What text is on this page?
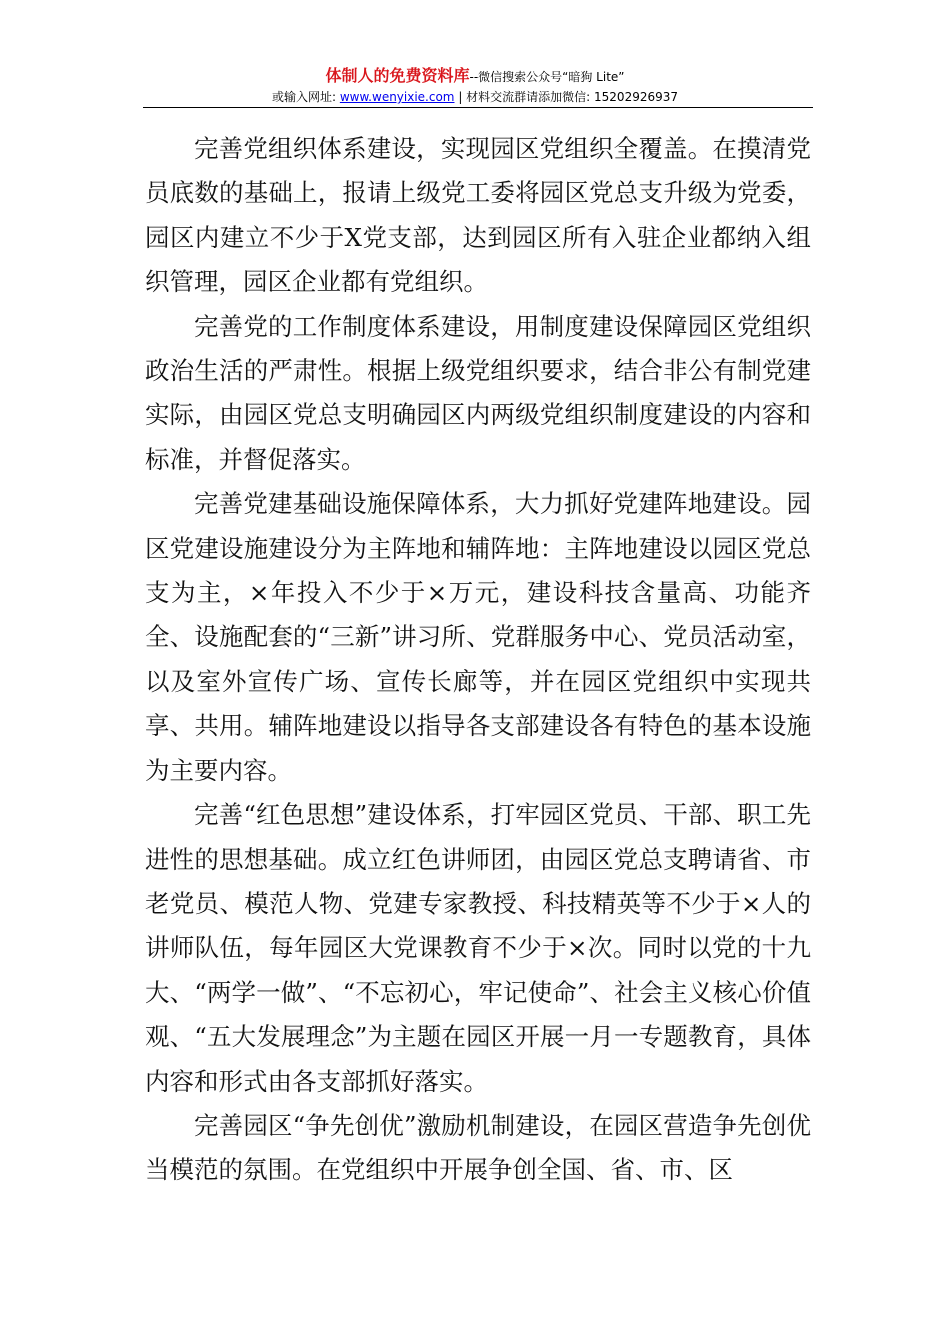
体制人的免费资料库--微信搜索公众号“暗狗 Lite”
或输入网址: www.wenyixie.com | 材料交流群请添加微信: 15202926937

完善党组织体系建设，实现园区党组织全覆盖。在摸清党员底数的基础上，报请上级党工委将园区党总支升级为党委，园区内建立不少于X党支部，达到园区所有入驻企业都纳入组织管理，园区企业都有党组织。

完善党的工作制度体系建设，用制度建设保障园区党组织政治生活的严肃性。根据上级党组织要求，结合非公有制党建实际，由园区党总支明确园区内两级党组织制度建设的内容和标准，并督促落实。

完善党建基础设施保障体系，大力抓好党建阵地建设。园区党建设施建设分为主阵地和辅阵地：主阵地建设以园区党总支为主，×年投入不少于×万元，建设科技含量高、功能齐全、设施配套的“三新”讲习所、党群服务中心、党员活动室，以及室外宣传广场、宣传长廊等，并在园区党组织中实现共享、共用。辅阵地建设以指导各支部建设各有特色的基本设施为主要内容。

完善“红色思想”建设体系，打牢园区党员、干部、职工先进性的思想基础。成立红色讲师团，由园区党总支聘请省、市老党员、模范人物、党建专家教授、科技精英等不少于×人的讲师队伍，每年园区大党课教育不少于×次。同时以党的十九大、“两学一做”、“不忘初心，牢记使命”、社会主义核心价值观、“五大发展理念”为主题在园区开展一月一专题教育，具体内容和形式由各支部抓好落实。

完善园区“争先创优”激励机制建设，在园区营造争先创优当模范的氛围。在党组织中开展争创全国、省、市、区
